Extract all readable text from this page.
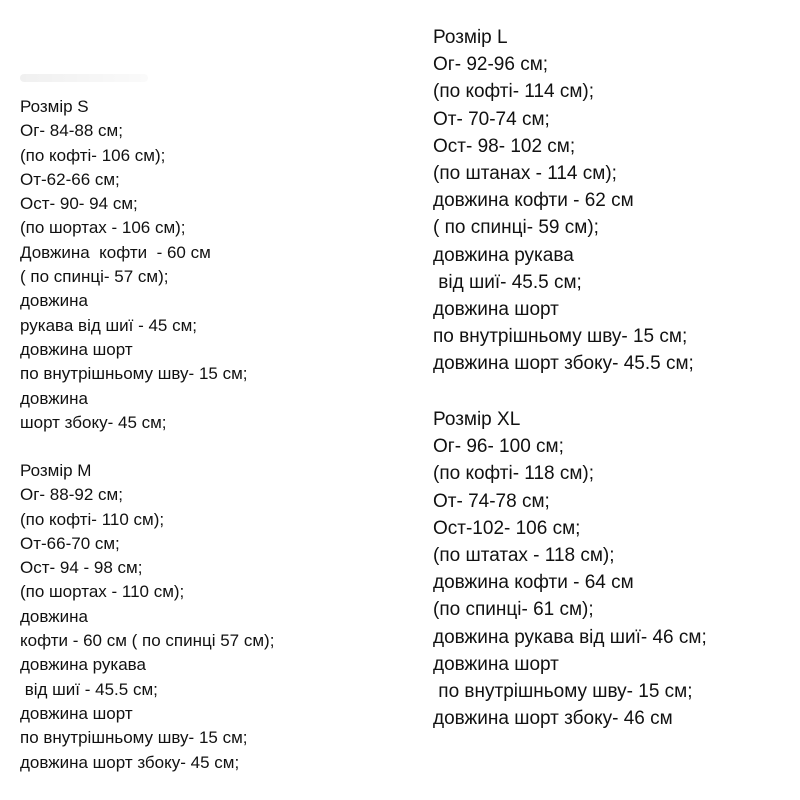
Розмір S
Ог- 84-88 см;
(по кофті- 106 см);
От-62-66 см;
Ост- 90- 94 см;
(по шортах - 106 см);
Довжина  кофти  - 60 см
( по спинці- 57 см);
довжина
рукава від шиї - 45 см;
довжина шорт
по внутрішньому шву- 15 см;
довжина
шорт збоку- 45 см;
Розмір M
Ог- 88-92 см;
(по кофті- 110 см);
От-66-70 см;
Ост- 94 - 98 см;
(по шортах - 110 см);
довжина
кофти - 60 см ( по спинці 57 см);
довжина рукава
від шиї - 45.5 см;
довжина шорт
по внутрішньому шву- 15 см;
довжина шорт збоку- 45 см;
Розмір L
Ог- 92-96 см;
(по кофті- 114 см);
От- 70-74 см;
Ост- 98- 102 см;
(по штанах - 114 см);
довжина кофти - 62 см
( по спинці- 59 см);
довжина рукава
від шиї- 45.5 см;
довжина шорт
по внутрішньому шву- 15 см;
довжина шорт збоку- 45.5 см;
Розмір XL
Ог- 96- 100 см;
(по кофті- 118 см);
От- 74-78 см;
Ост-102- 106 см;
(по штатах - 118 см);
довжина кофти - 64 см
(по спинці- 61 см);
довжина рукава від шиї- 46 см;
довжина шорт
по внутрішньому шву- 15 см;
довжина шорт збоку- 46 см
